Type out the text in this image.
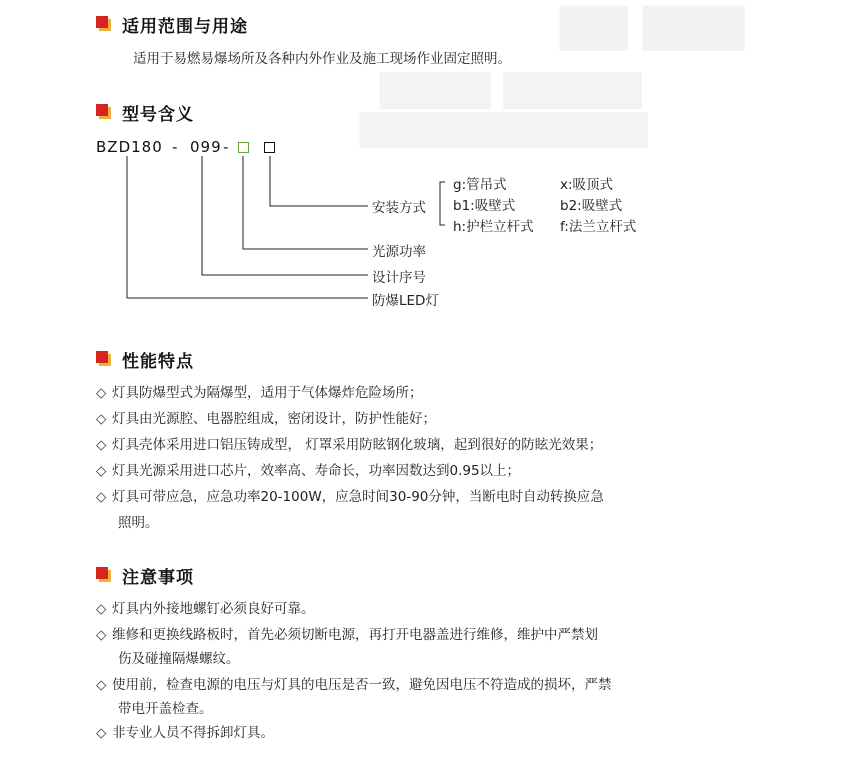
▇▇▇ ▇▇
▇▇▇▇▇ ▇▇▇▇
▇▇▇▇▇▇▇▇▇▇▇
适用范围与用途
适用于易燃易爆场所及各种内外作业及施工现场作业固定照明。
型号含义
BZD180 - 099 -
安装方式
g:管吊式	x:吸顶式
b1:吸壁式	b2:吸壁式
h:护栏立杆式 f:法兰立杆式
光源功率
设计序号
防爆LED灯
性能特点
◇ 灯具防爆型式为隔爆型，适用于气体爆炸危险场所；
◇ 灯具由光源腔、电器腔组成，密闭设计，防护性能好；
◇ 灯具壳体采用进口铝压铸成型， 灯罩采用防眩钢化玻璃，起到很好的防眩光效果；
◇ 灯具光源采用进口芯片，效率高、寿命长，功率因数达到0.95以上；
◇ 灯具可带应急，应急功率20-100W，应急时间30-90分钟，当断电时自动转换应急
照明。
注意事项
◇ 灯具内外接地螺钉必须良好可靠。
◇ 维修和更换线路板时，首先必须切断电源，再打开电器盖进行维修，维护中严禁划
伤及碰撞隔爆螺纹。
◇ 使用前，检查电源的电压与灯具的电压是否一致，避免因电压不符造成的损坏，严禁
带电开盖检查。
◇ 非专业人员不得拆卸灯具。
